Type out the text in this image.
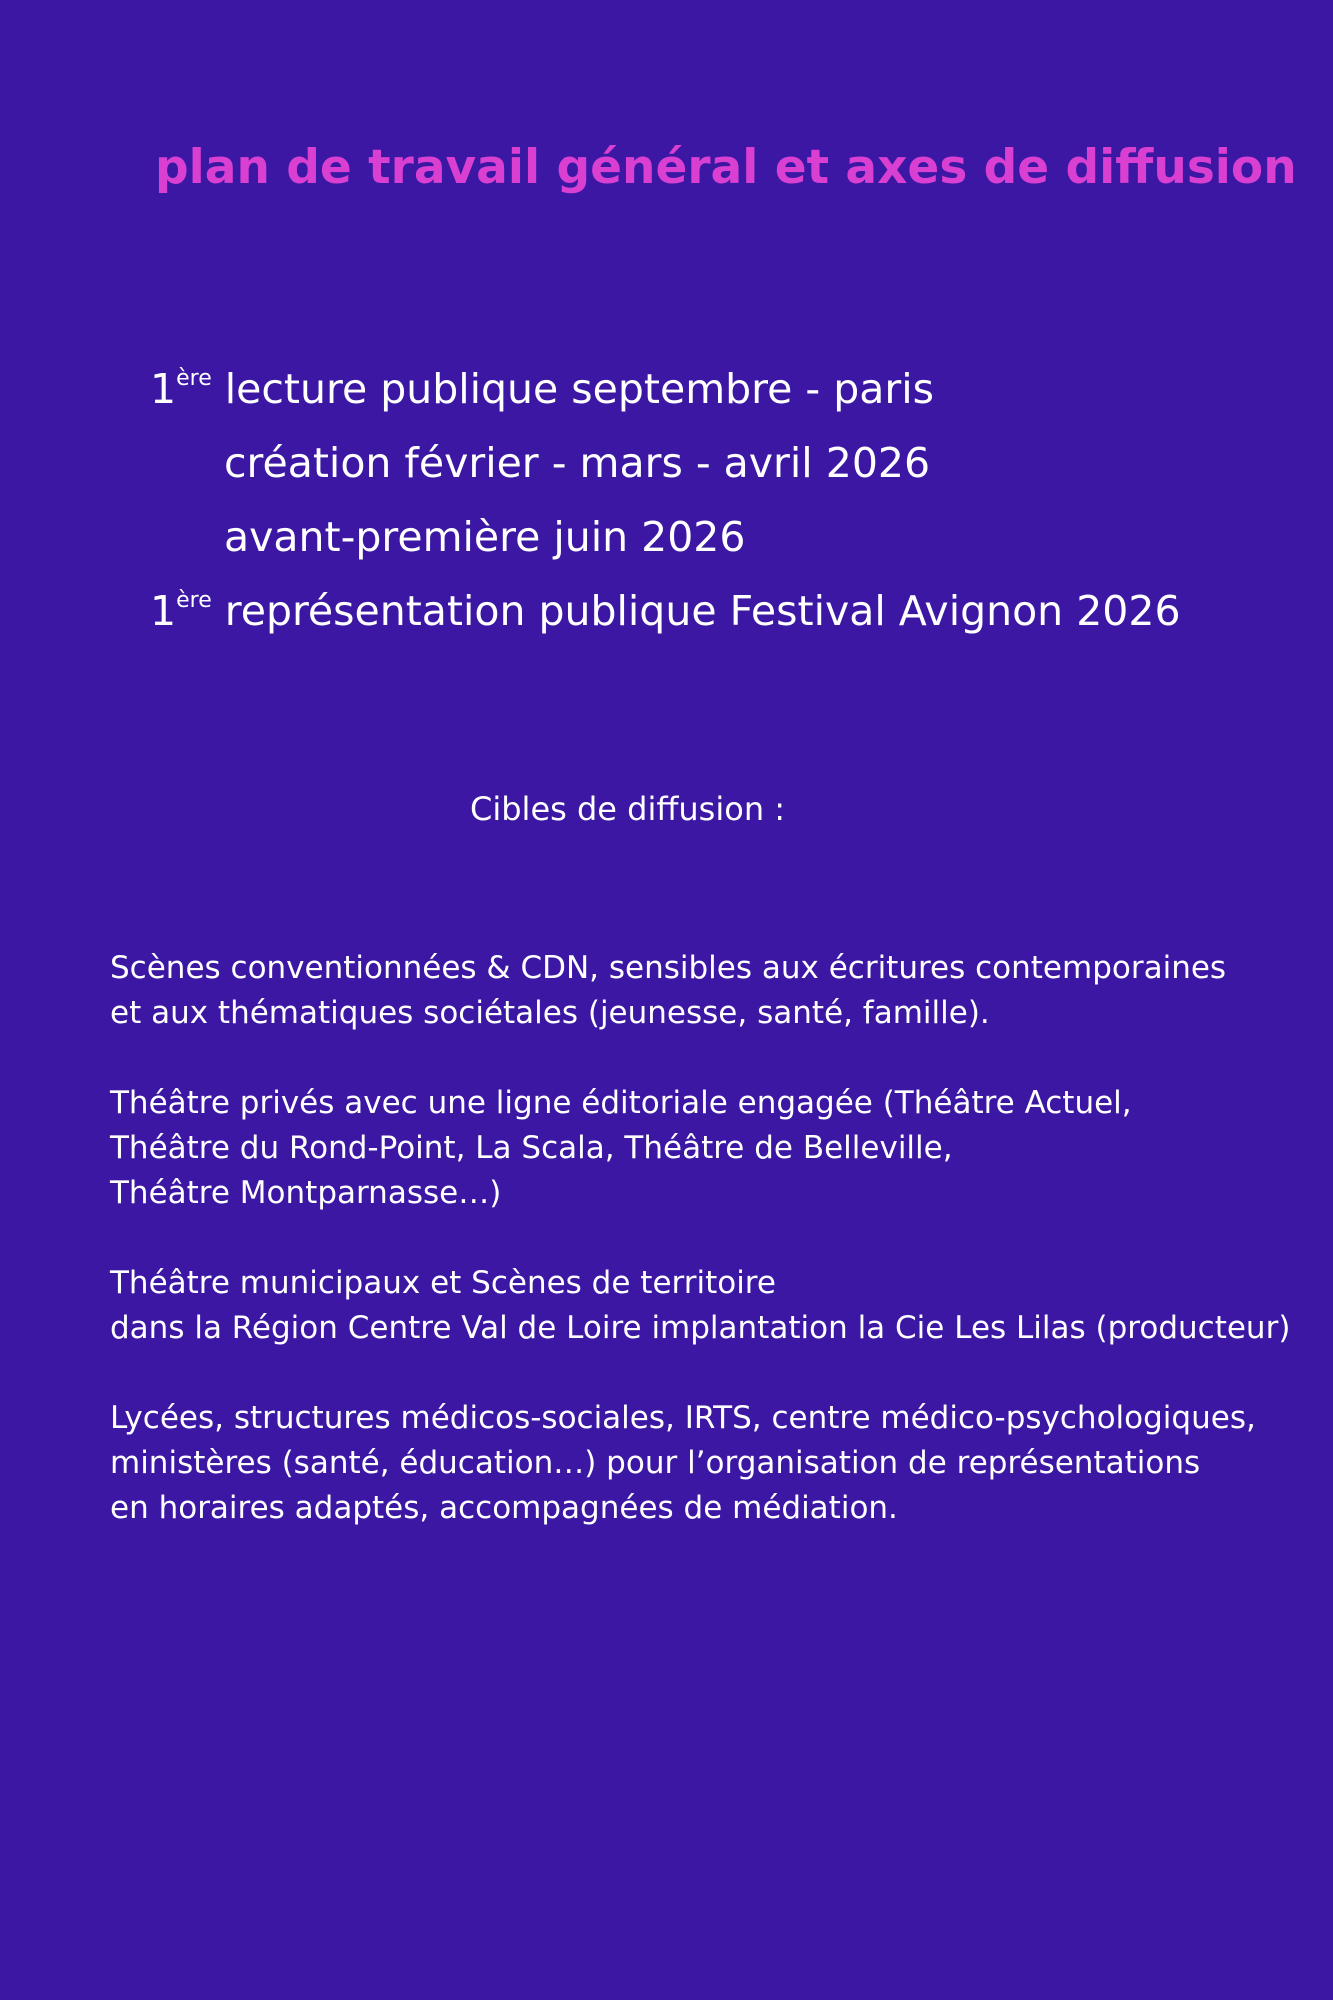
plan de travail général et axes de diffusion
1ère lecture publique septembre - paris
création février - mars - avril 2026
avant-première juin 2026
1ère représentation publique Festival Avignon 2026
Cibles de diffusion :
Scènes conventionnées & CDN, sensibles aux écritures contemporaines
et aux thématiques sociétales (jeunesse, santé, famille).
Théâtre privés avec une ligne éditoriale engagée (Théâtre Actuel,
Théâtre du Rond-Point, La Scala, Théâtre de Belleville,
Théâtre Montparnasse…)
Théâtre municipaux et Scènes de territoire
dans la Région Centre Val de Loire implantation la Cie Les Lilas (producteur)
Lycées, structures médicos-sociales, IRTS, centre médico-psychologiques,
ministères (santé, éducation…) pour l’organisation de représentations
en horaires adaptés, accompagnées de médiation.
